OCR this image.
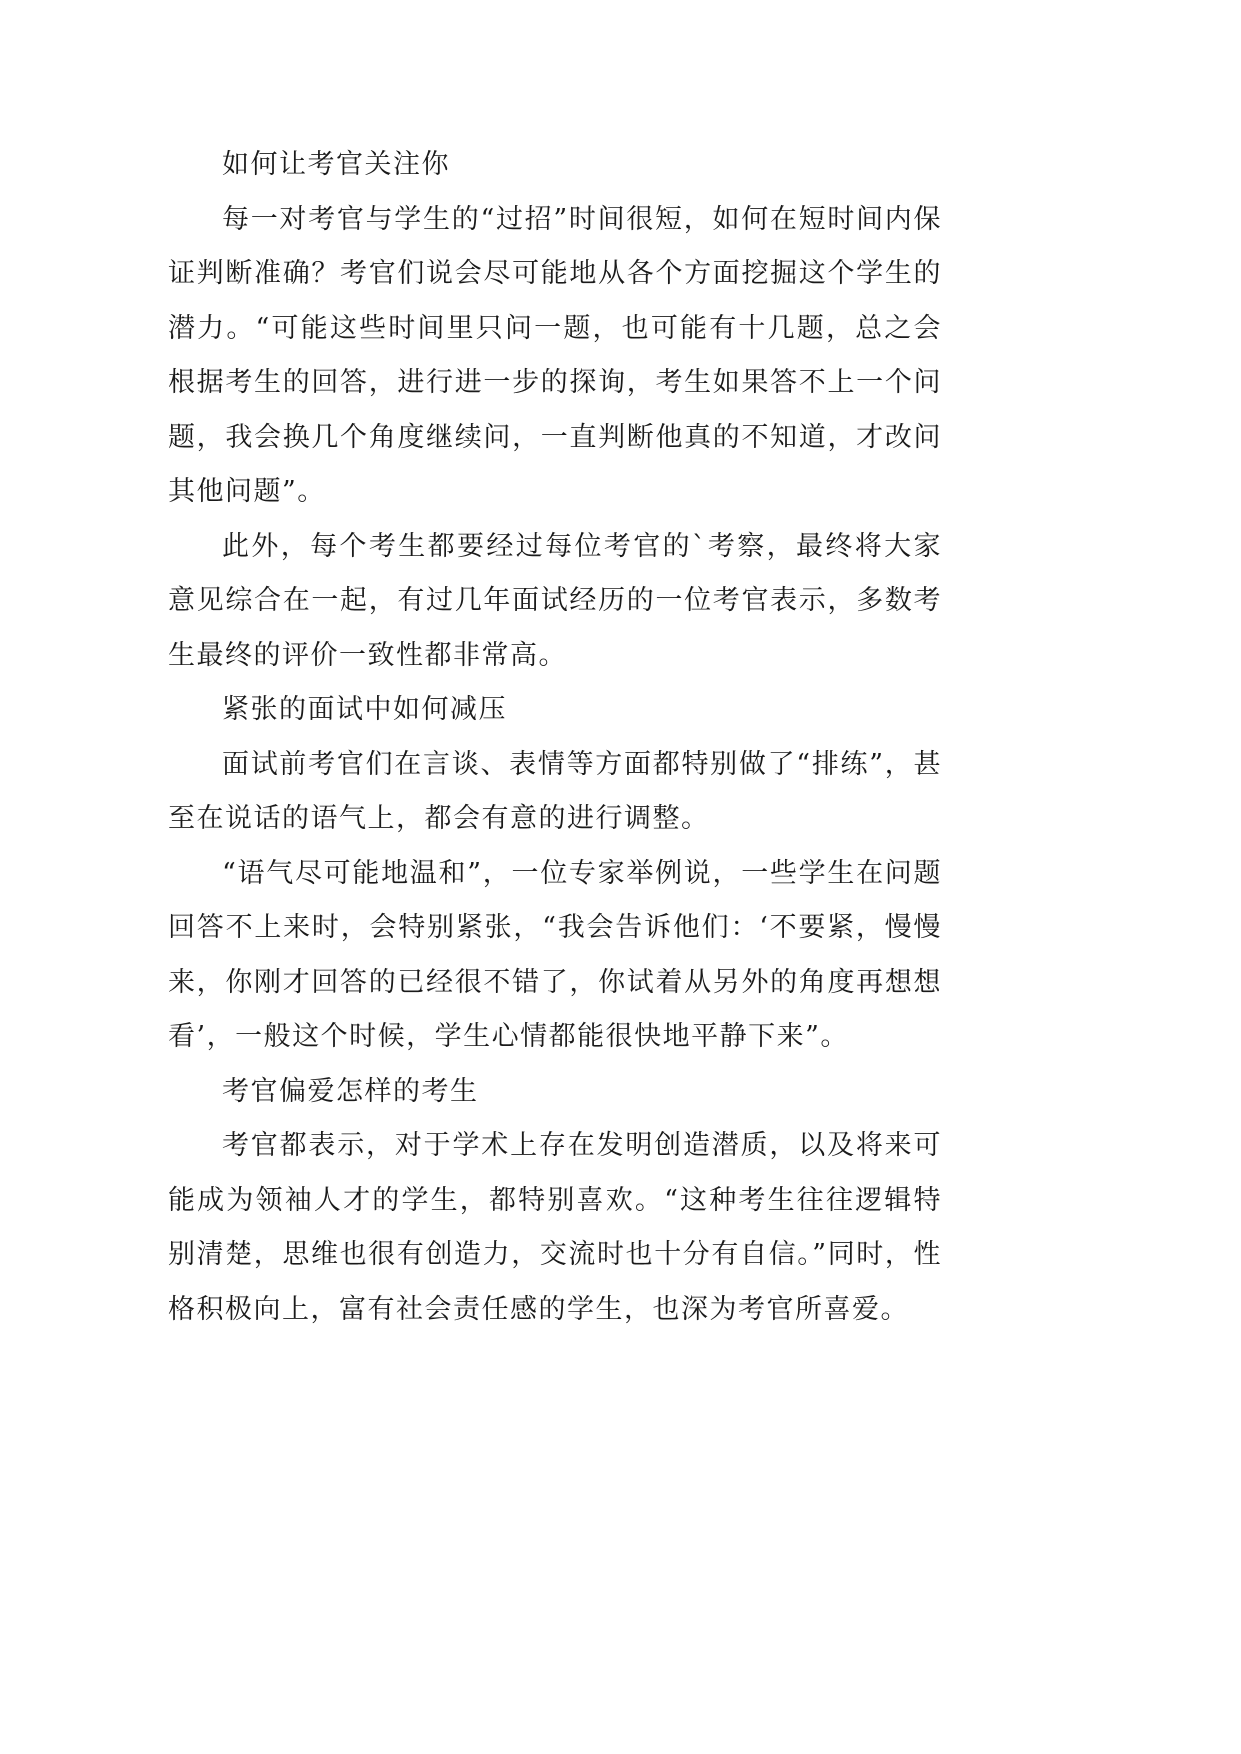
如何让考官关注你

每一对考官与学生的“过招”时间很短，如何在短时间内保证判断准确？考官们说会尽可能地从各个方面挖掘这个学生的潜力。“可能这些时间里只问一题，也可能有十几题，总之会根据考生的回答，进行进一步的探询，考生如果答不上一个问题，我会换几个角度继续问，一直判断他真的不知道，才改问其他问题”。

此外，每个考生都要经过每位考官的`考察，最终将大家意见综合在一起，有过几年面试经历的一位考官表示，多数考生最终的评价一致性都非常高。

紧张的面试中如何减压

面试前考官们在言谈、表情等方面都特别做了“排练”，甚至在说话的语气上，都会有意的进行调整。

“语气尽可能地温和”，一位专家举例说，一些学生在问题回答不上来时，会特别紧张，“我会告诉他们：‘不要紧，慢慢来，你刚才回答的已经很不错了，你试着从另外的角度再想想看’，一般这个时候，学生心情都能很快地平静下来”。

考官偏爱怎样的考生

考官都表示，对于学术上存在发明创造潜质，以及将来可能成为领袖人才的学生，都特别喜欢。“这种考生往往逻辑特别清楚，思维也很有创造力，交流时也十分有自信。”同时，性格积极向上，富有社会责任感的学生，也深为考官所喜爱。
